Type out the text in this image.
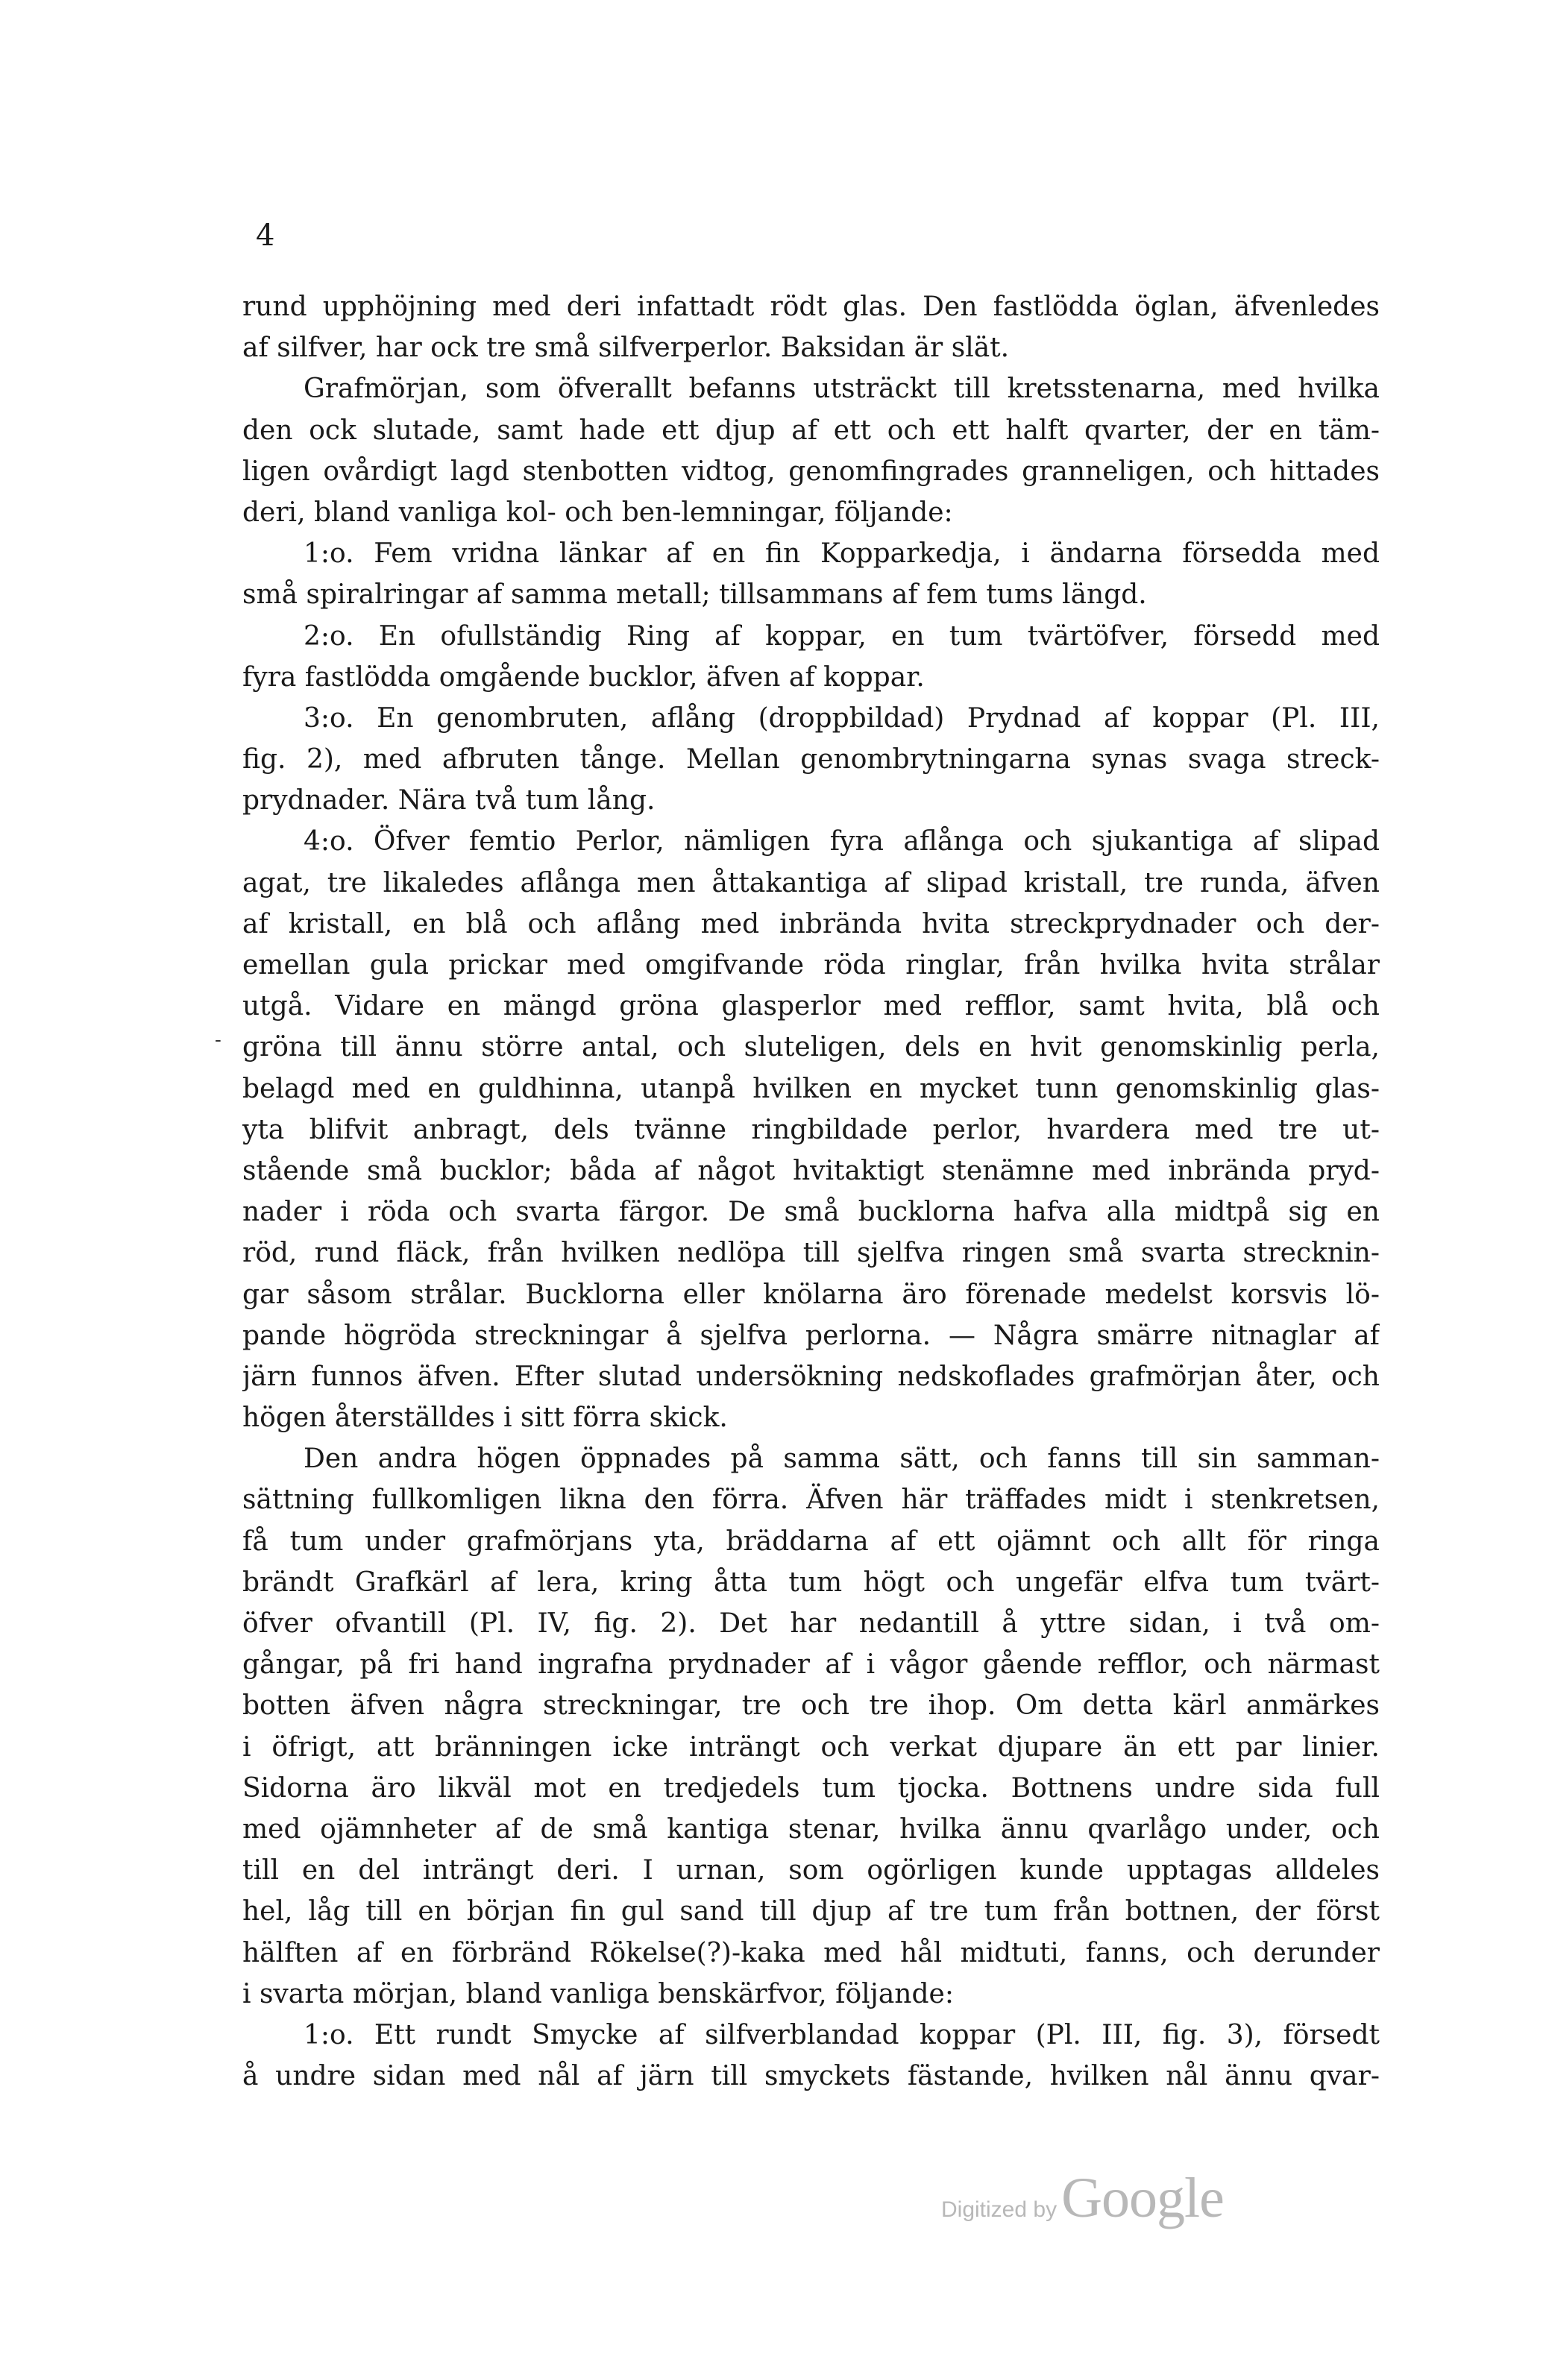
4
rund upphöjning med deri infattadt rödt glas. Den fastlödda öglan, äfvenledes
af silfver, har ock tre små silfverperlor. Baksidan är slät.
Grafmörjan, som öfverallt befanns utsträckt till kretsstenarna, med hvilka
den ock slutade, samt hade ett djup af ett och ett halft qvarter, der en täm-
ligen ovårdigt lagd stenbotten vidtog, genomfingrades granneligen, och hittades
deri, bland vanliga kol- och ben-lemningar, följande:
1:o. Fem vridna länkar af en fin Kopparkedja, i ändarna försedda med
små spiralringar af samma metall; tillsammans af fem tums längd.
2:o. En ofullständig Ring af koppar, en tum tvärtöfver, försedd med
fyra fastlödda omgående bucklor, äfven af koppar.
3:o. En genombruten, aflång (droppbildad) Prydnad af koppar (Pl. III,
fig. 2), med afbruten tånge. Mellan genombrytningarna synas svaga streck-
prydnader. Nära två tum lång.
4:o. Öfver femtio Perlor, nämligen fyra aflånga och sjukantiga af slipad
agat, tre likaledes aflånga men åttakantiga af slipad kristall, tre runda, äfven
af kristall, en blå och aflång med inbrända hvita streckprydnader och der-
emellan gula prickar med omgifvande röda ringlar, från hvilka hvita strålar
utgå. Vidare en mängd gröna glasperlor med refflor, samt hvita, blå och
gröna till ännu större antal, och sluteligen, dels en hvit genomskinlig perla,
belagd med en guldhinna, utanpå hvilken en mycket tunn genomskinlig glas-
yta blifvit anbragt, dels tvänne ringbildade perlor, hvardera med tre ut-
stående små bucklor; båda af något hvitaktigt stenämne med inbrända pryd-
nader i röda och svarta färgor. De små bucklorna hafva alla midtpå sig en
röd, rund fläck, från hvilken nedlöpa till sjelfva ringen små svarta strecknin-
gar såsom strålar. Bucklorna eller knölarna äro förenade medelst korsvis lö-
pande högröda streckningar å sjelfva perlorna. — Några smärre nitnaglar af
järn funnos äfven. Efter slutad undersökning nedskoflades grafmörjan åter, och
högen återställdes i sitt förra skick.
Den andra högen öppnades på samma sätt, och fanns till sin samman-
sättning fullkomligen likna den förra. Äfven här träffades midt i stenkretsen,
få tum under grafmörjans yta, bräddarna af ett ojämnt och allt för ringa
brändt Grafkärl af lera, kring åtta tum högt och ungefär elfva tum tvärt-
öfver ofvantill (Pl. IV, fig. 2). Det har nedantill å yttre sidan, i två om-
gångar, på fri hand ingrafna prydnader af i vågor gående refflor, och närmast
botten äfven några streckningar, tre och tre ihop. Om detta kärl anmärkes
i öfrigt, att bränningen icke inträngt och verkat djupare än ett par linier.
Sidorna äro likväl mot en tredjedels tum tjocka. Bottnens undre sida full
med ojämnheter af de små kantiga stenar, hvilka ännu qvarlågo under, och
till en del inträngt deri. I urnan, som ogörligen kunde upptagas alldeles
hel, låg till en början fin gul sand till djup af tre tum från bottnen, der först
hälften af en förbränd Rökelse(?)-kaka med hål midtuti, fanns, och derunder
i svarta mörjan, bland vanliga benskärfvor, följande:
1:o. Ett rundt Smycke af silfverblandad koppar (Pl. III, fig. 3), försedt
å undre sidan med nål af järn till smyckets fästande, hvilken nål ännu qvar-
-
Digitized by Google
